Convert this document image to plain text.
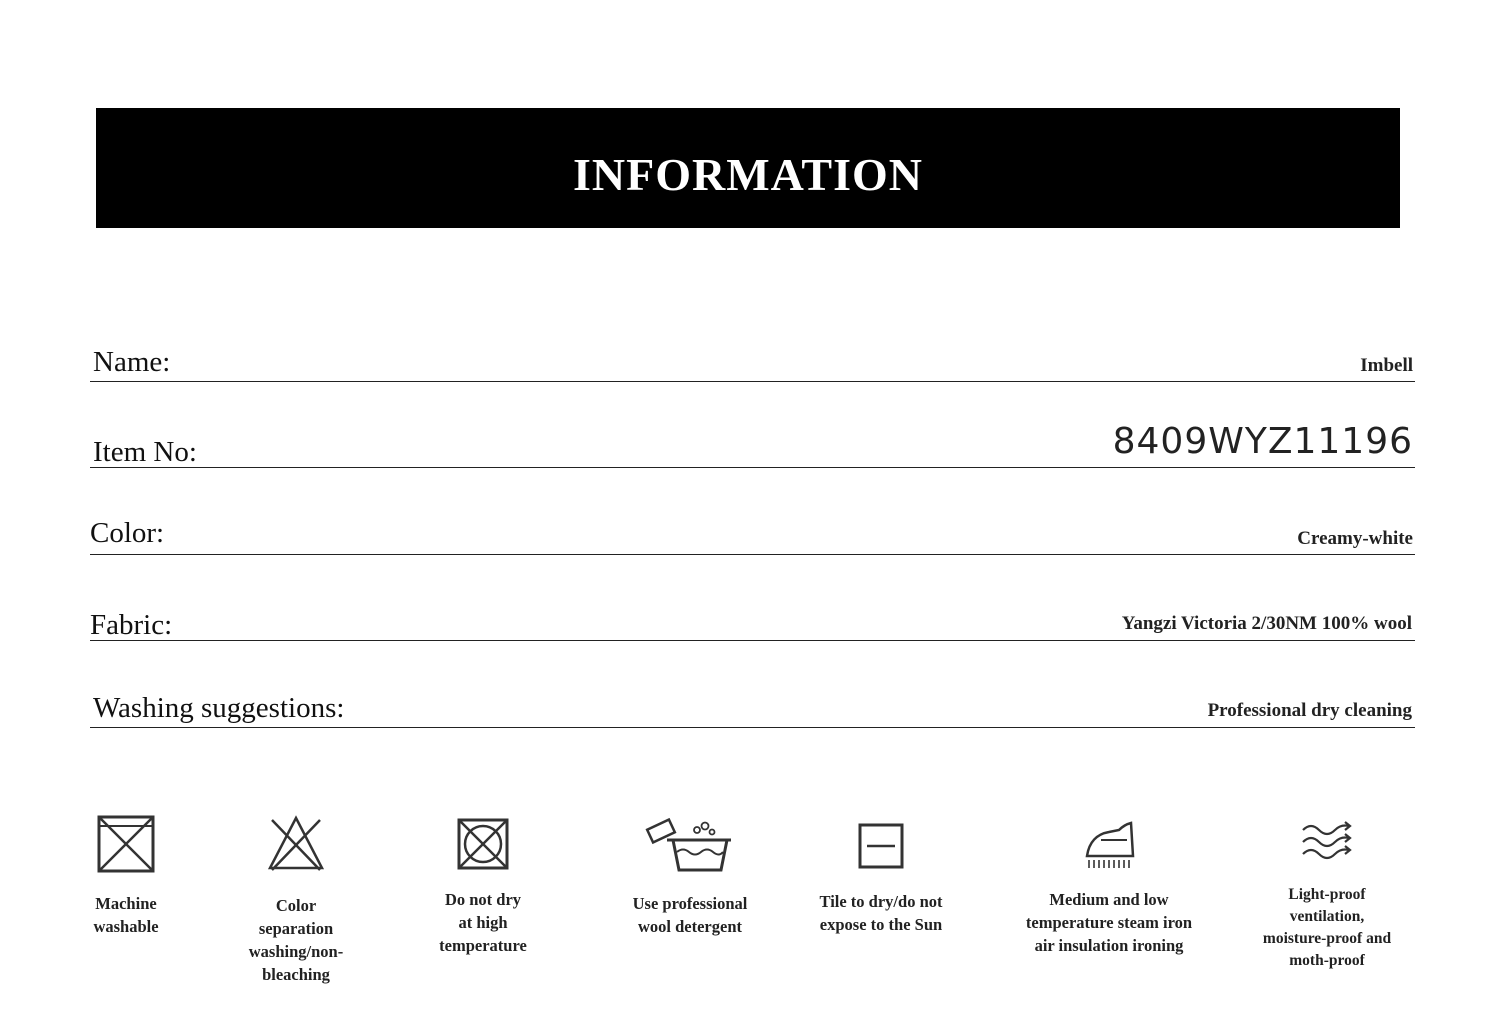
INFORMATION
Name:	Imbell
Item No:	8409WYZ11196
Color:	Creamy-white
Fabric:	Yangzi Victoria 2/30NM 100% wool
Washing suggestions:	Professional dry cleaning
Machine
washable
Color
separation
washing/non-
bleaching
Do not dry
at high
temperature
Use professional
wool detergent
Tile to dry/do not
expose to the Sun
Medium and low
temperature steam iron
air insulation ironing
Light-proof
ventilation,
moisture-proof and
moth-proof
